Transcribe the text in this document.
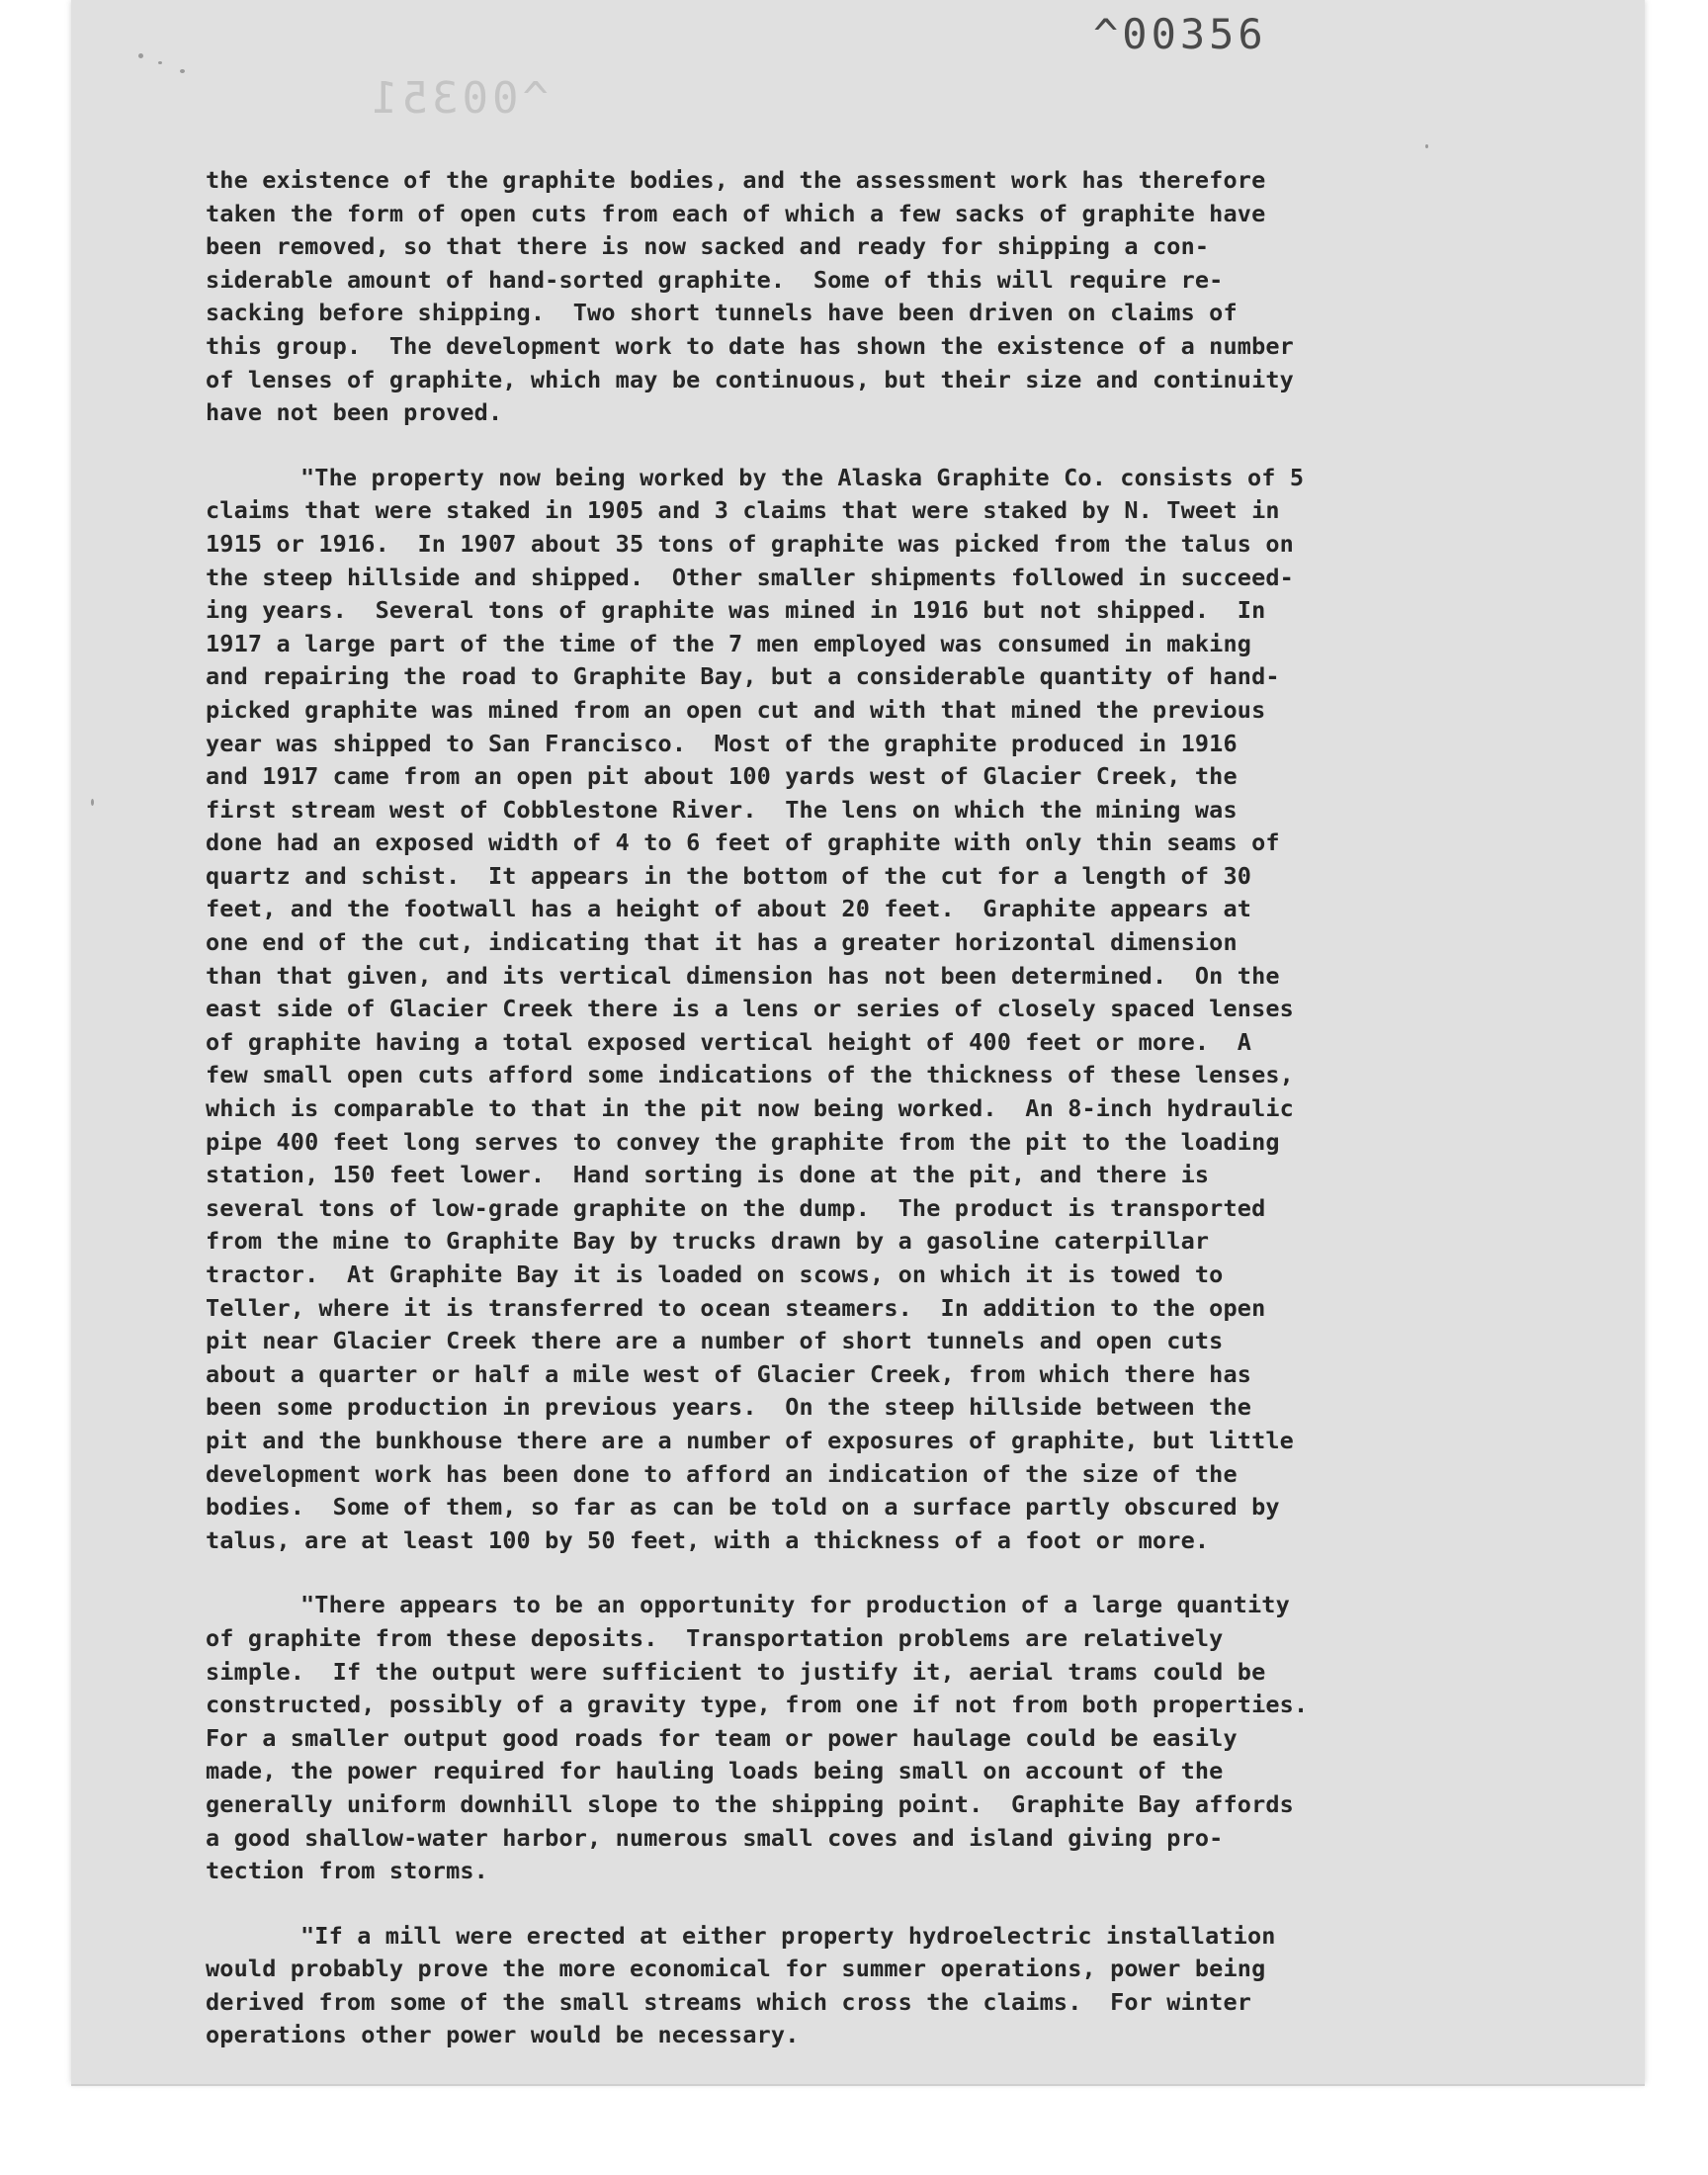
^00356
^00351
the existence of the graphite bodies, and the assessment work has therefore
taken the form of open cuts from each of which a few sacks of graphite have
been removed, so that there is now sacked and ready for shipping a con-
siderable amount of hand-sorted graphite.  Some of this will require re-
sacking before shipping.  Two short tunnels have been driven on claims of
this group.  The development work to date has shown the existence of a number
of lenses of graphite, which may be continuous, but their size and continuity
have not been proved.
"The property now being worked by the Alaska Graphite Co. consists of 5
claims that were staked in 1905 and 3 claims that were staked by N. Tweet in
1915 or 1916.  In 1907 about 35 tons of graphite was picked from the talus on
the steep hillside and shipped.  Other smaller shipments followed in succeed-
ing years.  Several tons of graphite was mined in 1916 but not shipped.  In
1917 a large part of the time of the 7 men employed was consumed in making
and repairing the road to Graphite Bay, but a considerable quantity of hand-
picked graphite was mined from an open cut and with that mined the previous
year was shipped to San Francisco.  Most of the graphite produced in 1916
and 1917 came from an open pit about 100 yards west of Glacier Creek, the
first stream west of Cobblestone River.  The lens on which the mining was
done had an exposed width of 4 to 6 feet of graphite with only thin seams of
quartz and schist.  It appears in the bottom of the cut for a length of 30
feet, and the footwall has a height of about 20 feet.  Graphite appears at
one end of the cut, indicating that it has a greater horizontal dimension
than that given, and its vertical dimension has not been determined.  On the
east side of Glacier Creek there is a lens or series of closely spaced lenses
of graphite having a total exposed vertical height of 400 feet or more.  A
few small open cuts afford some indications of the thickness of these lenses,
which is comparable to that in the pit now being worked.  An 8-inch hydraulic
pipe 400 feet long serves to convey the graphite from the pit to the loading
station, 150 feet lower.  Hand sorting is done at the pit, and there is
several tons of low-grade graphite on the dump.  The product is transported
from the mine to Graphite Bay by trucks drawn by a gasoline caterpillar
tractor.  At Graphite Bay it is loaded on scows, on which it is towed to
Teller, where it is transferred to ocean steamers.  In addition to the open
pit near Glacier Creek there are a number of short tunnels and open cuts
about a quarter or half a mile west of Glacier Creek, from which there has
been some production in previous years.  On the steep hillside between the
pit and the bunkhouse there are a number of exposures of graphite, but little
development work has been done to afford an indication of the size of the
bodies.  Some of them, so far as can be told on a surface partly obscured by
talus, are at least 100 by 50 feet, with a thickness of a foot or more.
"There appears to be an opportunity for production of a large quantity
of graphite from these deposits.  Transportation problems are relatively
simple.  If the output were sufficient to justify it, aerial trams could be
constructed, possibly of a gravity type, from one if not from both properties.
For a smaller output good roads for team or power haulage could be easily
made, the power required for hauling loads being small on account of the
generally uniform downhill slope to the shipping point.  Graphite Bay affords
a good shallow-water harbor, numerous small coves and island giving pro-
tection from storms.
"If a mill were erected at either property hydroelectric installation
would probably prove the more economical for summer operations, power being
derived from some of the small streams which cross the claims.  For winter
operations other power would be necessary.
